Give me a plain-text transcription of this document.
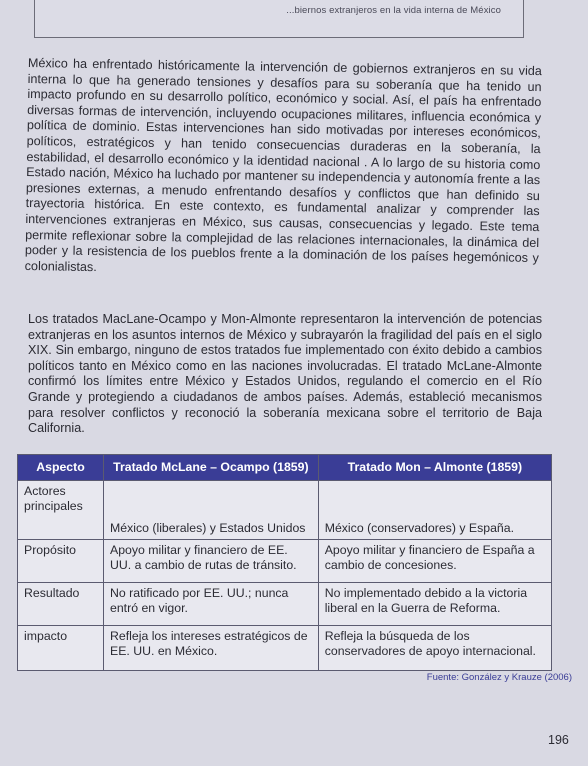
...biernos extranjeros en la vida interna de México

México ha enfrentado históricamente la intervención de gobiernos extranjeros en su vida interna lo que ha generado tensiones y desafíos para su soberanía que ha tenido un impacto profundo en su desarrollo político, económico y social. Así, el país ha enfrentado diversas formas de intervención, incluyendo ocupaciones militares, influencia económica y política de dominio. Estas intervenciones han sido motivadas por intereses económicos, políticos, estratégicos y han tenido consecuencias duraderas en la soberanía, la estabilidad, el desarrollo económico y la identidad nacional . A lo largo de su historia como Estado nación, México ha luchado por mantener su independencia y autonomía frente a las presiones externas, a menudo enfrentando desafíos y conflictos que han definido su trayectoria histórica. En este contexto, es fundamental analizar y comprender las intervenciones extranjeras en México, sus causas, consecuencias y legado. Este tema permite reflexionar sobre la complejidad de las relaciones internacionales, la dinámica del poder y la resistencia de los pueblos frente a la dominación de los países hegemónicos y colonialistas.

Los tratados MacLane-Ocampo y Mon-Almonte representaron la intervención de potencias extranjeras en los asuntos internos de México y subrayarón la fragilidad del país en el siglo XIX. Sin embargo, ninguno de estos tratados fue implementado con éxito debido a cambios políticos tanto en México como en las naciones involucradas. El tratado McLane-Almonte confirmó los límites entre México y Estados Unidos, regulando el comercio en el Río Grande y protegiendo a ciudadanos de ambos países. Además, estableció mecanismos para resolver conflictos y reconoció la soberanía mexicana sobre el territorio de Baja California.

Aspecto	Tratado McLane – Ocampo (1859)	Tratado Mon – Almonte (1859)
Actores principales	México (liberales) y Estados Unidos	México (conservadores) y España.
Propósito	Apoyo militar y financiero de EE. UU. a cambio de rutas de tránsito.	Apoyo militar y financiero de España a cambio de concesiones.
Resultado	No ratificado por EE. UU.; nunca entró en vigor.	No implementado debido a la victoria liberal en la Guerra de Reforma.
impacto	Refleja los intereses estratégicos de EE. UU. en México.	Refleja la búsqueda de los conservadores de apoyo internacional.
Fuente: González y Krauze (2006)
196
